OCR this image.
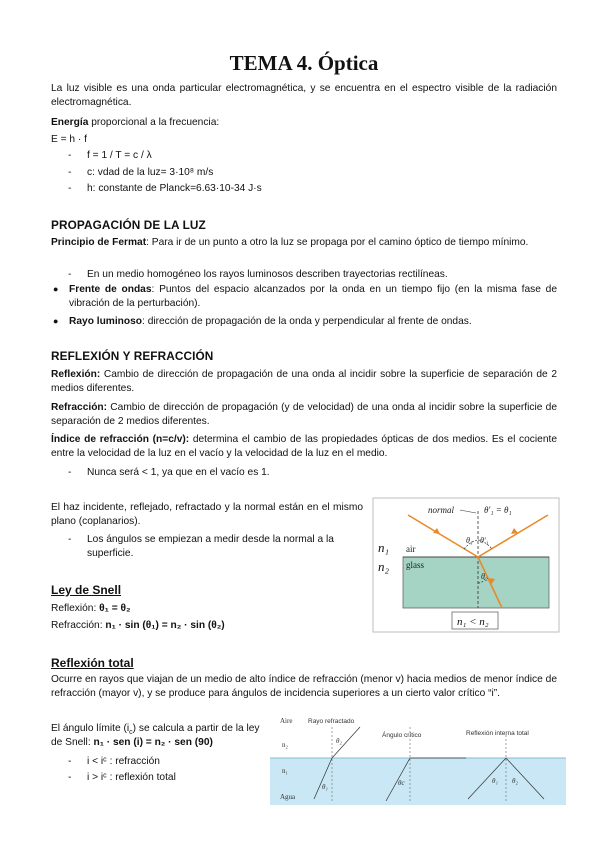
TEMA 4. Óptica
La luz visible es una onda particular electromagnética, y se encuentra en el espectro visible de la radiación electromagnética.
Energía proporcional a la frecuencia:
E = h · f
- f = 1 / T = c / λ
- c: vdad de la luz= 3·10⁸ m/s
- h: constante de Planck=6.63·10-34 J·s
PROPAGACIÓN DE LA LUZ
Principio de Fermat: Para ir de un punto a otro la luz se propaga por el camino óptico de tiempo mínimo.
- En un medio homogéneo los rayos luminosos describen trayectorias rectilíneas.
● Frente de ondas: Puntos del espacio alcanzados por la onda en un tiempo fijo (en la misma fase de vibración de la perturbación).
● Rayo luminoso: dirección de propagación de la onda y perpendicular al frente de ondas.
REFLEXIÓN Y REFRACCIÓN
Reflexión: Cambio de dirección de propagación de una onda al incidir sobre la superficie de separación de 2 medios diferentes.
Refracción: Cambio de dirección de propagación (y de velocidad) de una onda al incidir sobre la superficie de separación de 2 medios diferentes.
Índice de refracción (n=c/v): determina el cambio de las propiedades ópticas de dos medios. Es el cociente entre la velocidad de la luz en el vacío y la velocidad de la luz en el medio.
- Nunca será < 1, ya que en el vacío es 1.
El haz incidente, reflejado, refractado y la normal están en el mismo plano (coplanarios).
- Los ángulos se empiezan a medir desde la normal a la superficie.
Ley de Snell
Reflexión: θ₁ = θ₂
Refracción: n₁ · sin (θ₁) = n₂ · sin (θ₂)
Reflexión total
Ocurre en rayos que viajan de un medio de alto índice de refracción (menor v) hacia medios de menor índice de refracción (mayor v), y se produce para ángulos de incidencia superiores a un cierto valor crítico “i”.
El ángulo límite $(i_c)$ se calcula a partir de la ley de Snell: n₁ · sen (i) = n₂ · sen (90)
- i < iᶜ : refracción
- i > iᶜ : reflexión total
normal	θ'₁ = θ₁
θ₁ θ'₁
θ₂
n₁
n₂
air
glass
n₁ < n₂
Aire
n₂
n₁
Agua
Rayo refractado
Ángulo crítico	Reflexión interna total
θ₂
θ₁	θc	θ₁ θ₂
